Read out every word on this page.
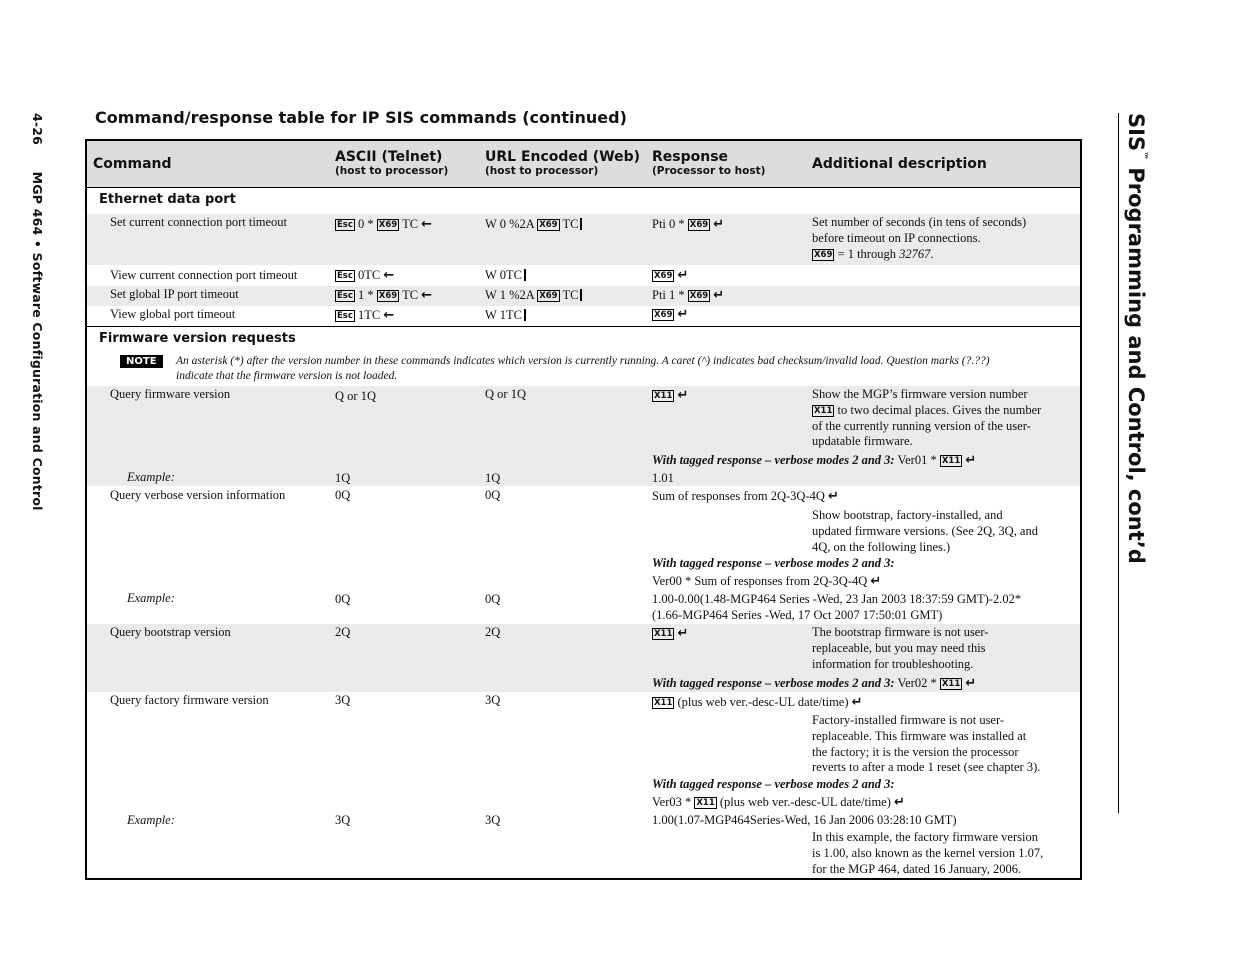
4-26 MGP 464 • Software Configuration and Control
SIS™ Programming and Control, cont’d
Command/response table for IP SIS commands (continued)
Command	ASCII (Telnet)
(host to processor)
URL Encoded (Web)
(host to processor)
Response
(Processor to host)	Additional description
Ethernet data port
Set current connection port timeout	Esc 0 * X69 TC ←	W 0 %2A X69 TC	Pti 0 * X69 ↵	Set number of seconds (in tens of seconds)
before timeout on IP connections.
X69 = 1 through 32767.
View current connection port timeout	Esc 0TC ←	W 0TC	X69 ↵
Set global IP port timeout	Esc 1 * X69 TC ←	W 1 %2A X69 TC	Pti 1 * X69 ↵
View global port timeout	Esc 1TC ←	W 1TC	X69 ↵
Firmware version requests
NOTE	An asterisk (*) after the version number in these commands indicates which version is currently running. A caret (^) indicates bad checksum/invalid load. Question marks (?.??)
indicate that the firmware version is not loaded.
Query firmware version	Q or 1Q	Q or 1Q	X11 ↵	Show the MGP’s firmware version number
X11 to two decimal places. Gives the number
of the currently running version of the user-
updatable firmware.
With tagged response – verbose modes 2 and 3: Ver01 * X11 ↵
Example:	1Q	1Q	1.01
Query verbose version information	0Q	0Q	Sum of responses from 2Q-3Q-4Q ↵
Show bootstrap, factory-installed, and
updated firmware versions. (See 2Q, 3Q, and
4Q, on the following lines.)
With tagged response – verbose modes 2 and 3:
Ver00 * Sum of responses from 2Q-3Q-4Q ↵
Example:	0Q	0Q	1.00-0.00(1.48-MGP464 Series -Wed, 23 Jan 2003 18:37:59 GMT)-2.02*
(1.66-MGP464 Series -Wed, 17 Oct 2007 17:50:01 GMT)
Query bootstrap version	2Q	2Q	X11 ↵	The bootstrap firmware is not user-
replaceable, but you may need this
information for troubleshooting.
With tagged response – verbose modes 2 and 3: Ver02 * X11 ↵
Query factory firmware version	3Q	3Q	X11 (plus web ver.-desc-UL date/time) ↵
Factory-installed firmware is not user-
replaceable. This firmware was installed at
the factory; it is the version the processor
reverts to after a mode 1 reset (see chapter 3).
With tagged response – verbose modes 2 and 3:
Ver03 * X11 (plus web ver.-desc-UL date/time) ↵
Example:	3Q	3Q	1.00(1.07-MGP464Series-Wed, 16 Jan 2006 03:28:10 GMT)
In this example, the factory firmware version
is 1.00, also known as the kernel version 1.07,
for the MGP 464, dated 16 January, 2006.
